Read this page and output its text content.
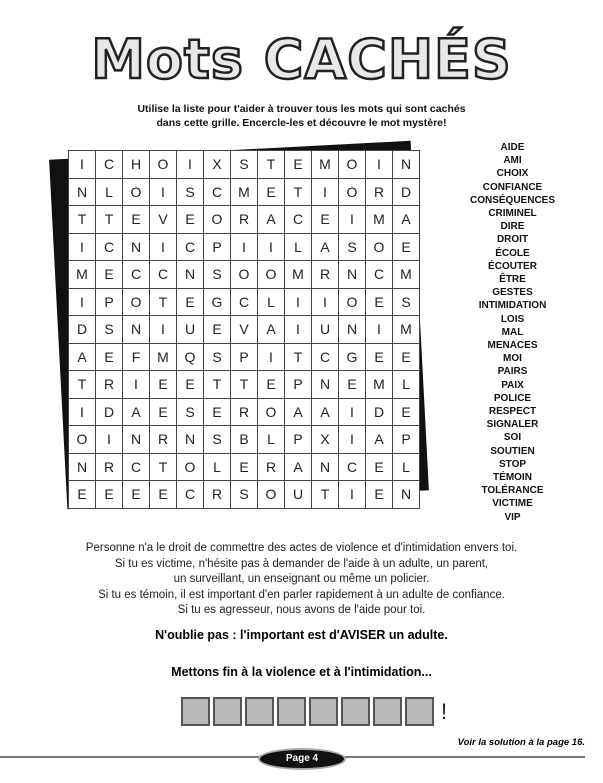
Mots CACHÉS
Utilise la liste pour t'aider à trouver tous les mots qui sont cachés
dans cette grille. Encercle-les et découvre le mot mystère!
I	C	H	O	I	X	S	T	E	M	O	I	N
N	L	O	I	S	C	M	E	T	I	O	R	D
T	T	E	V	E	O	R	A	C	E	I	M	A
I	C	N	I	C	P	I	I	L	A	S	O	E
M	E	C	C	N	S	O	O	M	R	N	C	M
I	P	O	T	E	G	C	L	I	I	O	E	S
D	S	N	I	U	E	V	A	I	U	N	I	M
A	E	F	M	Q	S	P	I	T	C	G	E	E
T	R	I	E	E	T	T	E	P	N	E	M	L
I	D	A	E	S	E	R	O	A	A	I	D	E
O	I	N	R	N	S	B	L	P	X	I	A	P
N	R	C	T	O	L	E	R	A	N	C	E	L
E	E	E	E	C	R	S	O	U	T	I	E	N
AIDE
AMI
CHOIX
CONFIANCE
CONSÉQUENCES
CRIMINEL
DIRE
DROIT
ÉCOLE
ÉCOUTER
ÊTRE
GESTES
INTIMIDATION
LOIS
MAL
MENACES
MOI
PAIRS
PAIX
POLICE
RESPECT
SIGNALER
SOI
SOUTIEN
STOP
TÉMOIN
TOLÉRANCE
VICTIME
VIP
Personne n'a le droit de commettre des actes de violence et d'intimidation envers toi.
Si tu es victime, n'hésite pas à demander de l'aide à un adulte, un parent,
un surveillant, un enseignant ou même un policier.
Si tu es témoin, il est important d'en parler rapidement à un adulte de confiance.
Si tu es agresseur, nous avons de l'aide pour toi.
N'oublie pas : l'important est d'AVISER un adulte.
Mettons fin à la violence et à l'intimidation...
!
Voir la solution à la page 16.
Page 4
